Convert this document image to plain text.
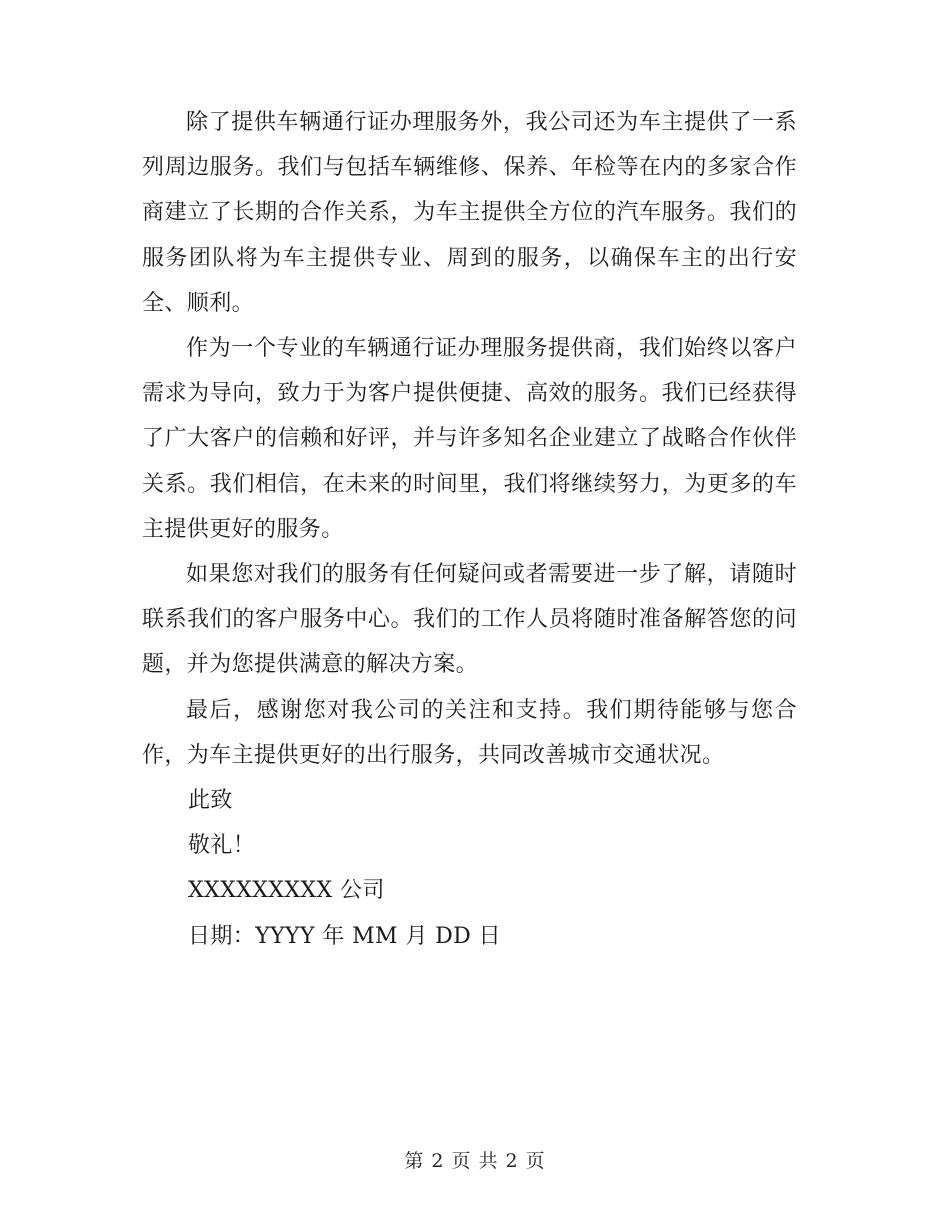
除了提供车辆通行证办理服务外，我公司还为车主提供了一系列周边服务。我们与包括车辆维修、保养、年检等在内的多家合作商建立了长期的合作关系，为车主提供全方位的汽车服务。我们的服务团队将为车主提供专业、周到的服务，以确保车主的出行安全、顺利。

作为一个专业的车辆通行证办理服务提供商，我们始终以客户需求为导向，致力于为客户提供便捷、高效的服务。我们已经获得了广大客户的信赖和好评，并与许多知名企业建立了战略合作伙伴关系。我们相信，在未来的时间里，我们将继续努力，为更多的车主提供更好的服务。

如果您对我们的服务有任何疑问或者需要进一步了解，请随时联系我们的客户服务中心。我们的工作人员将随时准备解答您的问题，并为您提供满意的解决方案。

最后，感谢您对我公司的关注和支持。我们期待能够与您合作，为车主提供更好的出行服务，共同改善城市交通状况。

此致

敬礼！

XXXXXXXXX 公司

日期：YYYY 年 MM 月 DD 日

第 2 页 共 2 页
